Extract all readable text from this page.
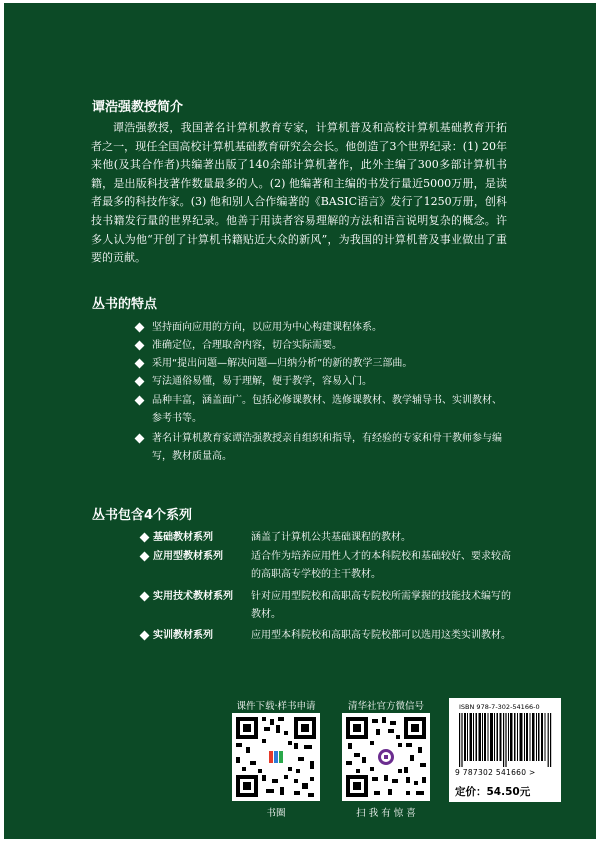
谭浩强教授简介

谭浩强教授，我国著名计算机教育专家，计算机普及和高校计算机基础教育开拓者之一，现任全国高校计算机基础教育研究会会长。他创造了3个世界纪录：(1) 20年来他(及其合作者)共编著出版了140余部计算机著作，此外主编了300多部计算机书籍，是出版科技著作数量最多的人。(2) 他编著和主编的书发行量近5000万册，是读者最多的科技作家。(3) 他和别人合作编著的《BASIC语言》发行了1250万册，创科技书籍发行量的世界纪录。他善于用读者容易理解的方法和语言说明复杂的概念。许多人认为他“开创了计算机书籍贴近大众的新风”，为我国的计算机普及事业做出了重要的贡献。

丛书的特点
坚持面向应用的方向，以应用为中心构建课程体系。
准确定位，合理取舍内容，切合实际需要。
采用“提出问题—解决问题—归纳分析”的新的教学三部曲。
写法通俗易懂，易于理解，便于教学，容易入门。
品种丰富，涵盖面广。包括必修课教材、选修课教材、教学辅导书、实训教材、参考书等。
著名计算机教育家谭浩强教授亲自组织和指导，有经验的专家和骨干教师参与编写，教材质量高。
丛书包含4个系列
基础教材系列	涵盖了计算机公共基础课程的教材。
应用型教材系列	适合作为培养应用性人才的本科院校和基础较好、要求较高的高职高专学校的主干教材。
实用技术教材系列 针对应用型院校和高职高专院校所需掌握的技能技术编写的教材。
实训教材系列	应用型本科院校和高职高专院校都可以选用这类实训教材。
课件下载·样书申请
书圈
清华社官方微信号
扫 我 有 惊 喜
ISBN 978-7-302-54166-0
9 787302 541660 >
定价：54.50元
